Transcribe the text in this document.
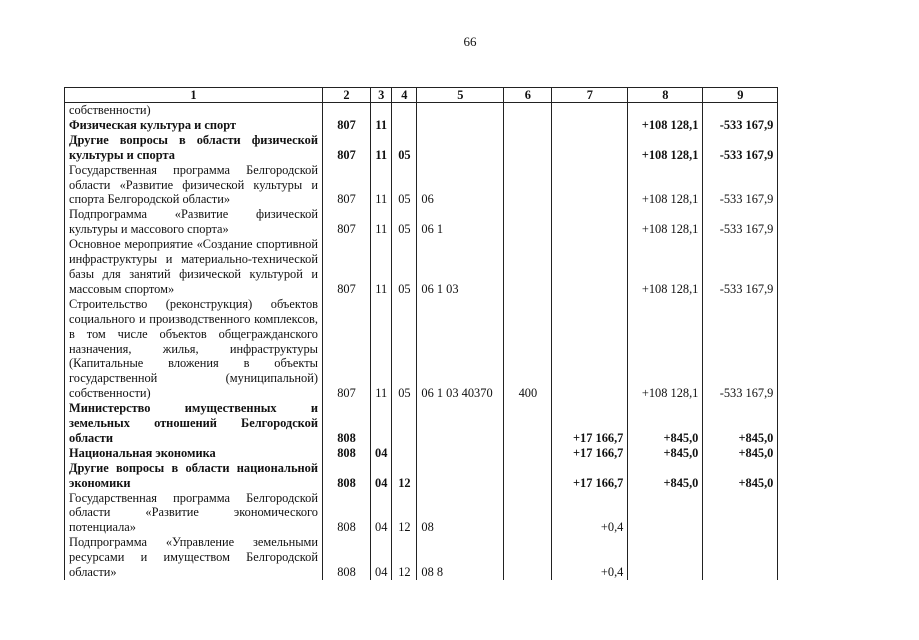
66
1	2	3	4	5	6	7	8	9
собственности)								
Физическая культура и спорт	807	11					+108 128,1	-533 167,9
Другие вопросы в области физической культуры и спорта	807	11	05				+108 128,1	-533 167,9
Государственная программа Белгородской области «Развитие физической культуры и спорта Белгородской области»	807	11	05	06			+108 128,1	-533 167,9
Подпрограмма «Развитие физической культуры и массового спорта»	807	11	05	06 1			+108 128,1	-533 167,9
Основное мероприятие «Создание спортивной инфраструктуры и материально-технической базы для занятий физической культурой и массовым спортом»	807	11	05	06 1 03			+108 128,1	-533 167,9
Строительство (реконструкция) объектов социального и производственного комплексов, в том числе объектов общегражданского назначения, жилья, инфраструктуры (Капитальные вложения в объекты государственной (муниципальной) собственности)	807	11	05	06 1 03 40370	400		+108 128,1	-533 167,9
Министерство имущественных и земельных отношений Белгородской области	808					+17 166,7	+845,0	+845,0
Национальная экономика	808	04				+17 166,7	+845,0	+845,0
Другие вопросы в области национальной экономики	808	04	12			+17 166,7	+845,0	+845,0
Государственная программа Белгородской области «Развитие экономического потенциала»	808	04	12	08		+0,4		
Подпрограмма «Управление земельными ресурсами и имуществом Белгородской области»	808	04	12	08 8		+0,4		
